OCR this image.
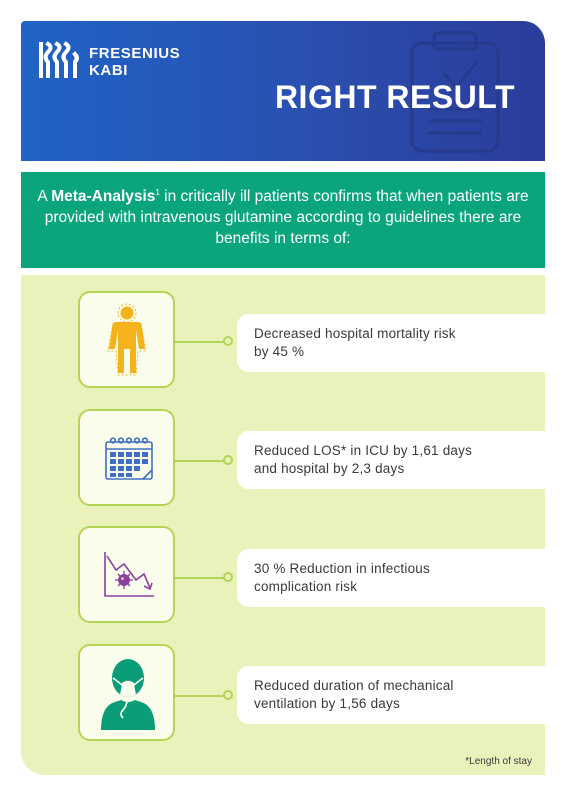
FRESENIUS
KABI
RIGHT RESULT
A Meta-Analysis$^1$ in critically ill patients confirms that when patients are provided with intravenous glutamine according to guidelines there are benefits in terms of:
Decreased hospital mortality risk
by 45 %
Reduced LOS* in ICU by 1,61 days
and hospital by 2,3 days
30 % Reduction in infectious
complication risk
Reduced duration of mechanical
ventilation by 1,56 days
*Length of stay
